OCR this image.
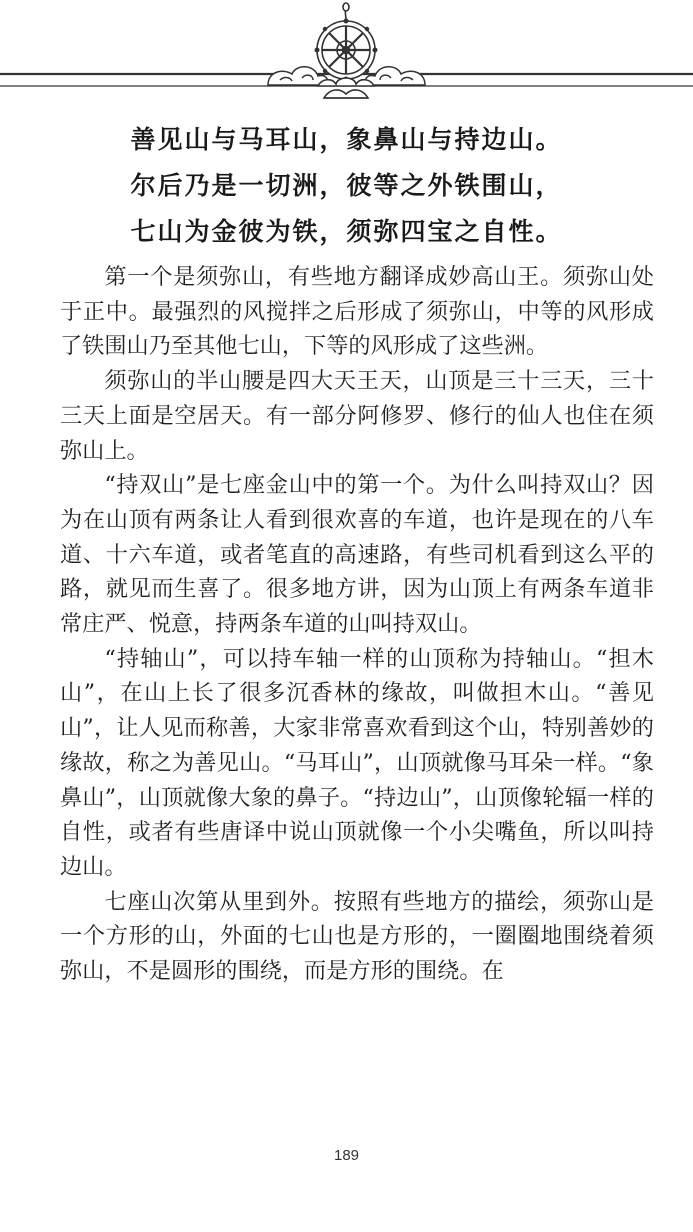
善见山与马耳山，象鼻山与持边山。
尔后乃是一切洲，彼等之外铁围山，
七山为金彼为铁，须弥四宝之自性。

第一个是须弥山，有些地方翻译成妙高山王。须弥山处于正中。最强烈的风搅拌之后形成了须弥山，中等的风形成了铁围山乃至其他七山，下等的风形成了这些洲。

须弥山的半山腰是四大天王天，山顶是三十三天，三十三天上面是空居天。有一部分阿修罗、修行的仙人也住在须弥山上。

“持双山”是七座金山中的第一个。为什么叫持双山？因为在山顶有两条让人看到很欢喜的车道，也许是现在的八车道、十六车道，或者笔直的高速路，有些司机看到这么平的路，就见而生喜了。很多地方讲，因为山顶上有两条车道非常庄严、悦意，持两条车道的山叫持双山。

“持轴山”，可以持车轴一样的山顶称为持轴山。“担木山”，在山上长了很多沉香林的缘故，叫做担木山。“善见山”，让人见而称善，大家非常喜欢看到这个山，特别善妙的缘故，称之为善见山。“马耳山”，山顶就像马耳朵一样。“象鼻山”，山顶就像大象的鼻子。“持边山”，山顶像轮辐一样的自性，或者有些唐译中说山顶就像一个小尖嘴鱼，所以叫持边山。

七座山次第从里到外。按照有些地方的描绘，须弥山是一个方形的山，外面的七山也是方形的，一圈圈地围绕着须弥山，不是圆形的围绕，而是方形的围绕。在

189
